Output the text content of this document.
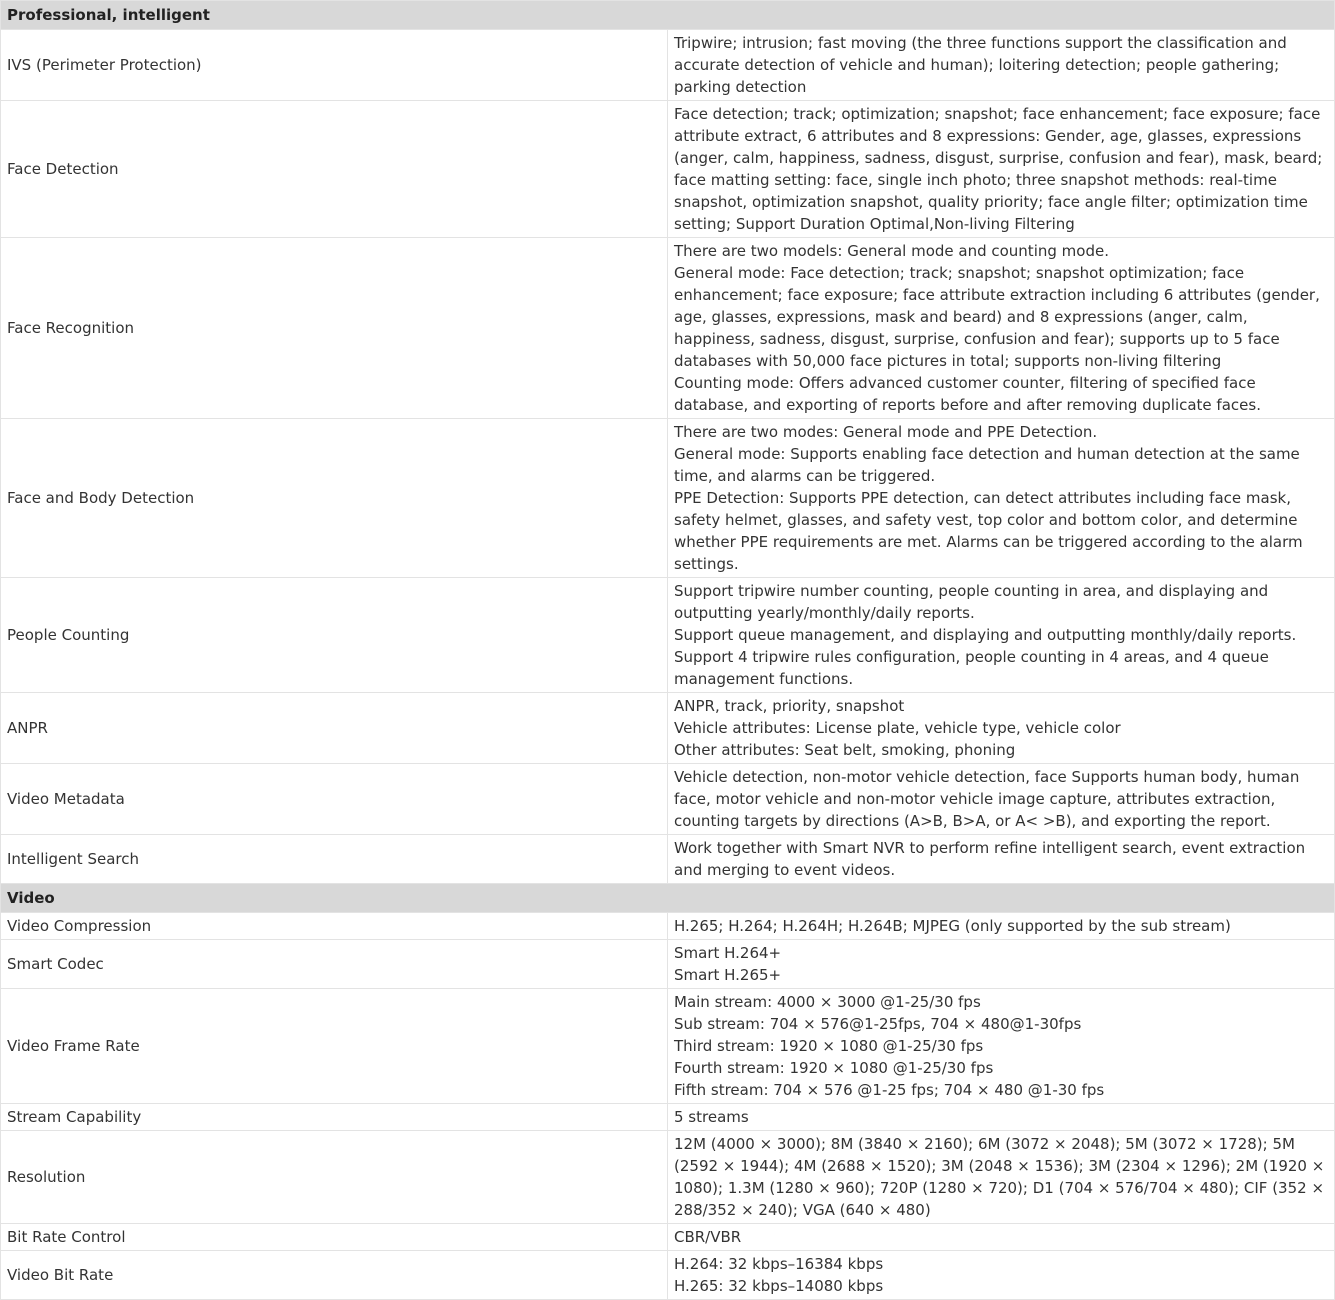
Professional, intelligent	
IVS (Perimeter Protection)	Tripwire; intrusion; fast moving (the three functions support the classification and accurate detection of vehicle and human); loitering detection; people gathering; parking detection
Face Detection	Face detection; track; optimization; snapshot; face enhancement; face exposure; face attribute extract, 6 attributes and 8 expressions: Gender, age, glasses, expressions (anger, calm, happiness, sadness, disgust, surprise, confusion and fear), mask, beard; face matting setting: face, single inch photo; three snapshot methods: real-time snapshot, optimization snapshot, quality priority; face angle filter; optimization time setting; Support Duration Optimal,Non-living Filtering
Face Recognition	There are two models: General mode and counting mode.
General mode: Face detection; track; snapshot; snapshot optimization; face enhancement; face exposure; face attribute extraction including 6 attributes (gender, age, glasses, expressions, mask and beard) and 8 expressions (anger, calm, happiness, sadness, disgust, surprise, confusion and fear); supports up to 5 face databases with 50,000 face pictures in total; supports non-living filtering
Counting mode: Offers advanced customer counter, filtering of specified face database, and exporting of reports before and after removing duplicate faces.
Face and Body Detection	There are two modes: General mode and PPE Detection.
General mode: Supports enabling face detection and human detection at the same time, and alarms can be triggered.
PPE Detection: Supports PPE detection, can detect attributes including face mask, safety helmet, glasses, and safety vest, top color and bottom color, and determine whether PPE requirements are met. Alarms can be triggered according to the alarm settings.
People Counting	Support tripwire number counting, people counting in area, and displaying and outputting yearly/monthly/daily reports.
Support queue management, and displaying and outputting monthly/daily reports.
Support 4 tripwire rules configuration, people counting in 4 areas, and 4 queue management functions.
ANPR	ANPR, track, priority, snapshot
Vehicle attributes: License plate, vehicle type, vehicle color
Other attributes: Seat belt, smoking, phoning
Video Metadata	Vehicle detection, non-motor vehicle detection, face Supports human body, human face, motor vehicle and non-motor vehicle image capture, attributes extraction, counting targets by directions (A>B, B>A, or A< >B), and exporting the report.
Intelligent Search	Work together with Smart NVR to perform refine intelligent search, event extraction and merging to event videos.
Video	
Video Compression	H.265; H.264; H.264H; H.264B; MJPEG (only supported by the sub stream)
Smart Codec	Smart H.264+
Smart H.265+
Video Frame Rate	Main stream: 4000 × 3000 @1-25/30 fps
Sub stream: 704 × 576@1-25fps, 704 × 480@1-30fps
Third stream: 1920 × 1080 @1-25/30 fps
Fourth stream: 1920 × 1080 @1-25/30 fps
Fifth stream: 704 × 576 @1-25 fps; 704 × 480 @1-30 fps
Stream Capability	5 streams
Resolution	12M (4000 × 3000); 8M (3840 × 2160); 6M (3072 × 2048); 5M (3072 × 1728); 5M (2592 × 1944); 4M (2688 × 1520); 3M (2048 × 1536); 3M (2304 × 1296); 2M (1920 × 1080); 1.3M (1280 × 960); 720P (1280 × 720); D1 (704 × 576/704 × 480); CIF (352 × 288/352 × 240); VGA (640 × 480)
Bit Rate Control	CBR/VBR
Video Bit Rate	H.264: 32 kbps–16384 kbps
H.265: 32 kbps–14080 kbps
